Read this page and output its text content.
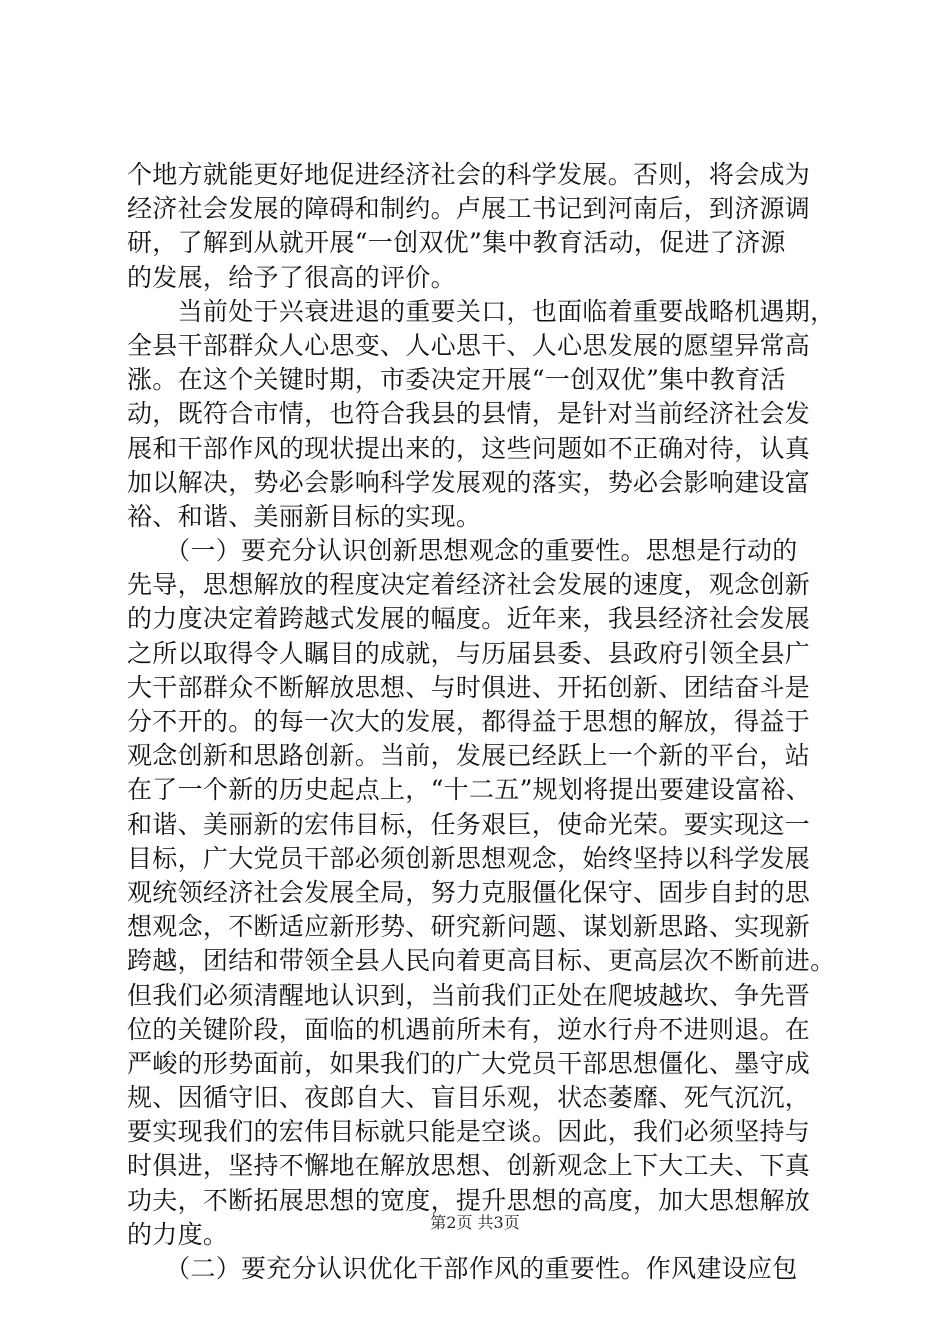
个地方就能更好地促进经济社会的科学发展。否则，将会成为
经济社会发展的障碍和制约。卢展工书记到河南后，到济源调
研，了解到从就开展“一创双优”集中教育活动，促进了济源
的发展，给予了很高的评价。
　　当前处于兴衰进退的重要关口，也面临着重要战略机遇期，
全县干部群众人心思变、人心思干、人心思发展的愿望异常高
涨。在这个关键时期，市委决定开展“一创双优”集中教育活
动，既符合市情，也符合我县的县情，是针对当前经济社会发
展和干部作风的现状提出来的，这些问题如不正确对待，认真
加以解决，势必会影响科学发展观的落实，势必会影响建设富
裕、和谐、美丽新目标的实现。
　　（一）要充分认识创新思想观念的重要性。思想是行动的
先导，思想解放的程度决定着经济社会发展的速度，观念创新
的力度决定着跨越式发展的幅度。近年来，我县经济社会发展
之所以取得令人瞩目的成就，与历届县委、县政府引领全县广
大干部群众不断解放思想、与时俱进、开拓创新、团结奋斗是
分不开的。的每一次大的发展，都得益于思想的解放，得益于
观念创新和思路创新。当前，发展已经跃上一个新的平台，站
在了一个新的历史起点上，“十二五”规划将提出要建设富裕、
和谐、美丽新的宏伟目标，任务艰巨，使命光荣。要实现这一
目标，广大党员干部必须创新思想观念，始终坚持以科学发展
观统领经济社会发展全局，努力克服僵化保守、固步自封的思
想观念，不断适应新形势、研究新问题、谋划新思路、实现新
跨越，团结和带领全县人民向着更高目标、更高层次不断前进。
但我们必须清醒地认识到，当前我们正处在爬坡越坎、争先晋
位的关键阶段，面临的机遇前所未有，逆水行舟不进则退。在
严峻的形势面前，如果我们的广大党员干部思想僵化、墨守成
规、因循守旧、夜郎自大、盲目乐观，状态萎靡、死气沉沉，
要实现我们的宏伟目标就只能是空谈。因此，我们必须坚持与
时俱进，坚持不懈地在解放思想、创新观念上下大工夫、下真
功夫，不断拓展思想的宽度，提升思想的高度，加大思想解放
的力度。
　　（二）要充分认识优化干部作风的重要性。作风建设应包
第2页 共3页
